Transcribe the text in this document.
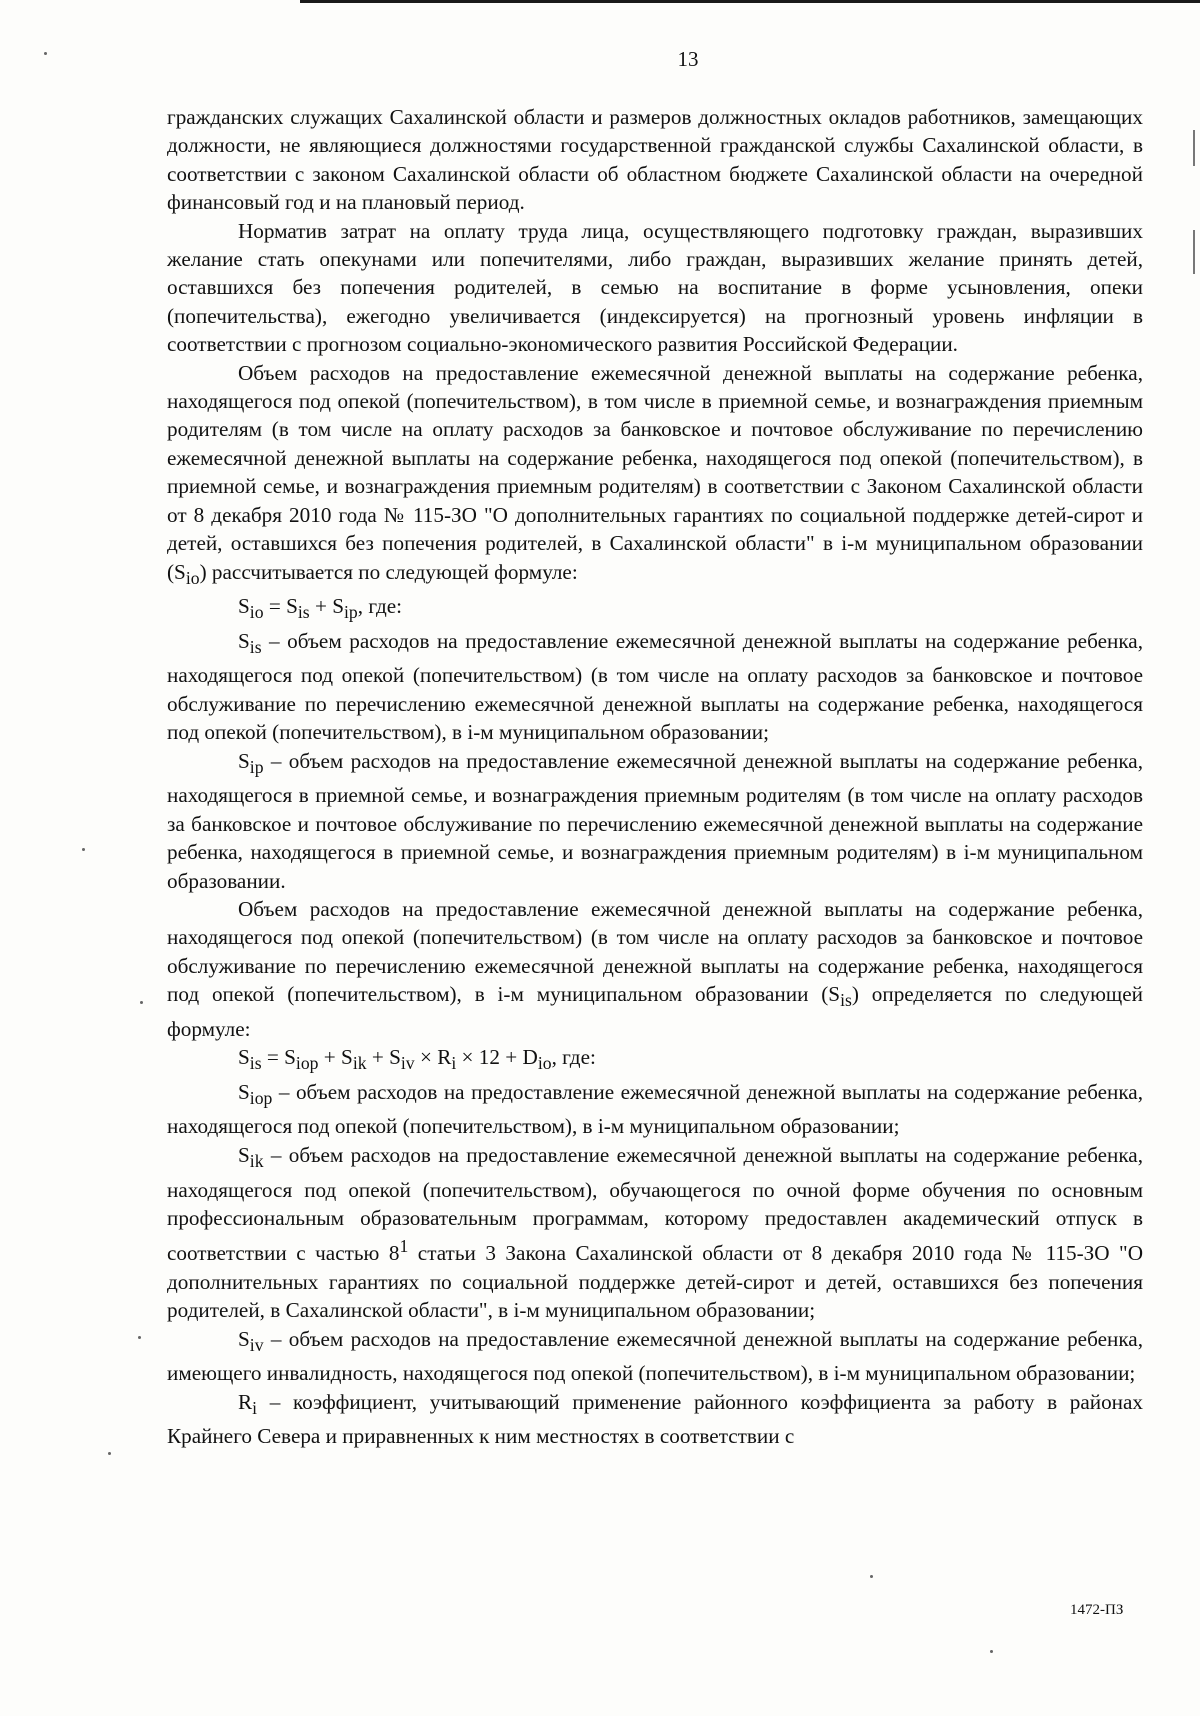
13

гражданских служащих Сахалинской области и размеров должностных окладов работников, замещающих должности, не являющиеся должностями государственной гражданской службы Сахалинской области, в соответствии с законом Сахалинской области об областном бюджете Сахалинской области на очередной финансовый год и на плановый период.

Норматив затрат на оплату труда лица, осуществляющего подготовку граждан, выразивших желание стать опекунами или попечителями, либо граждан, выразивших желание принять детей, оставшихся без попечения родителей, в семью на воспитание в форме усыновления, опеки (попечительства), ежегодно увеличивается (индексируется) на прогнозный уровень инфляции в соответствии с прогнозом социально-экономического развития Российской Федерации.

Объем расходов на предоставление ежемесячной денежной выплаты на содержание ребенка, находящегося под опекой (попечительством), в том числе в приемной семье, и вознаграждения приемным родителям (в том числе на оплату расходов за банковское и почтовое обслуживание по перечислению ежемесячной денежной выплаты на содержание ребенка, находящегося под опекой (попечительством), в приемной семье, и вознаграждения приемным родителям) в соответствии с Законом Сахалинской области от 8 декабря 2010 года № 115-ЗО "О дополнительных гарантиях по социальной поддержке детей-сирот и детей, оставшихся без попечения родителей, в Сахалинской области" в i-м муниципальном образовании $(S_{io})$ рассчитывается по следующей формуле:

$S_{io} = S_{is} + S_{ip}$, где:

$S_{is}$ – объем расходов на предоставление ежемесячной денежной выплаты на содержание ребенка, находящегося под опекой (попечительством) (в том числе на оплату расходов за банковское и почтовое обслуживание по перечислению ежемесячной денежной выплаты на содержание ребенка, находящегося под опекой (попечительством), в i-м муниципальном образовании;

$S_{ip}$ – объем расходов на предоставление ежемесячной денежной выплаты на содержание ребенка, находящегося в приемной семье, и вознаграждения приемным родителям (в том числе на оплату расходов за банковское и почтовое обслуживание по перечислению ежемесячной денежной выплаты на содержание ребенка, находящегося в приемной семье, и вознаграждения приемным родителям) в i-м муниципальном образовании.

Объем расходов на предоставление ежемесячной денежной выплаты на содержание ребенка, находящегося под опекой (попечительством) (в том числе на оплату расходов за банковское и почтовое обслуживание по перечислению ежемесячной денежной выплаты на содержание ребенка, находящегося под опекой (попечительством), в i-м муниципальном образовании $(S_{is})$ определяется по следующей формуле:

$S_{is} = S_{iop} + S_{ik} + S_{iv} \times R_i \times 12 + D_{io}$, где:

$S_{iop}$ – объем расходов на предоставление ежемесячной денежной выплаты на содержание ребенка, находящегося под опекой (попечительством), в i-м муниципальном образовании;

$S_{ik}$ – объем расходов на предоставление ежемесячной денежной выплаты на содержание ребенка, находящегося под опекой (попечительством), обучающегося по очной форме обучения по основным профессиональным образовательным программам, которому предоставлен академический отпуск в соответствии с частью $8^1$ статьи 3 Закона Сахалинской области от 8 декабря 2010 года № 115-ЗО "О дополнительных гарантиях по социальной поддержке детей-сирот и детей, оставшихся без попечения родителей, в Сахалинской области", в i-м муниципальном образовании;

$S_{iv}$ – объем расходов на предоставление ежемесячной денежной выплаты на содержание ребенка, имеющего инвалидность, находящегося под опекой (попечительством), в i-м муниципальном образовании;

$R_i$ – коэффициент, учитывающий применение районного коэффициента за работу в районах Крайнего Севера и приравненных к ним местностях в соответствии с

1472-ПЗ
